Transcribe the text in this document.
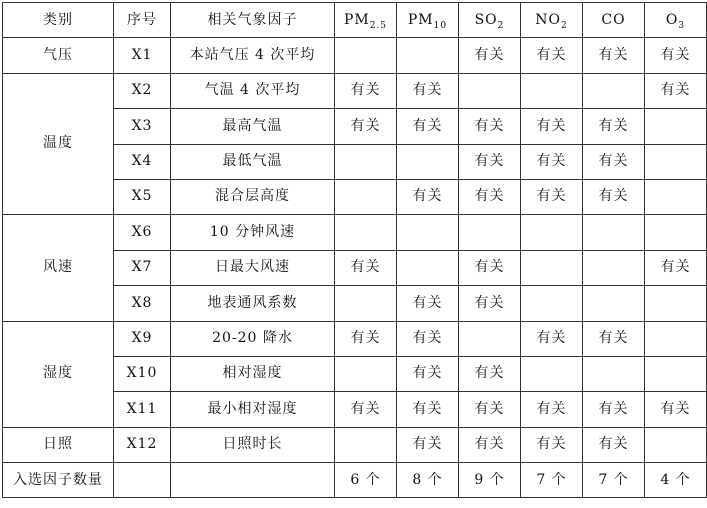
类别	序号	相关气象因子	$PM_{2.5}$	$PM_{10}$	$SO_2$	$NO_2$	CO	$O_3$
气压	X1	本站气压 4 次平均			有关	有关	有关	有关
温度	X2	气温 4 次平均	有关	有关				有关
	X3	最高气温	有关	有关	有关	有关	有关	
	X4	最低气温			有关	有关	有关	
	X5	混合层高度		有关	有关	有关	有关	
风速	X6	10 分钟风速						
	X7	日最大风速	有关		有关			有关
	X8	地表通风系数		有关	有关			
湿度	X9	20-20 降水	有关	有关		有关	有关	
	X10	相对湿度		有关	有关			
	X11	最小相对湿度	有关	有关	有关	有关	有关	有关
日照	X12	日照时长		有关	有关	有关	有关	
入选因子数量			6 个	8 个	9 个	7 个	7 个	4 个
